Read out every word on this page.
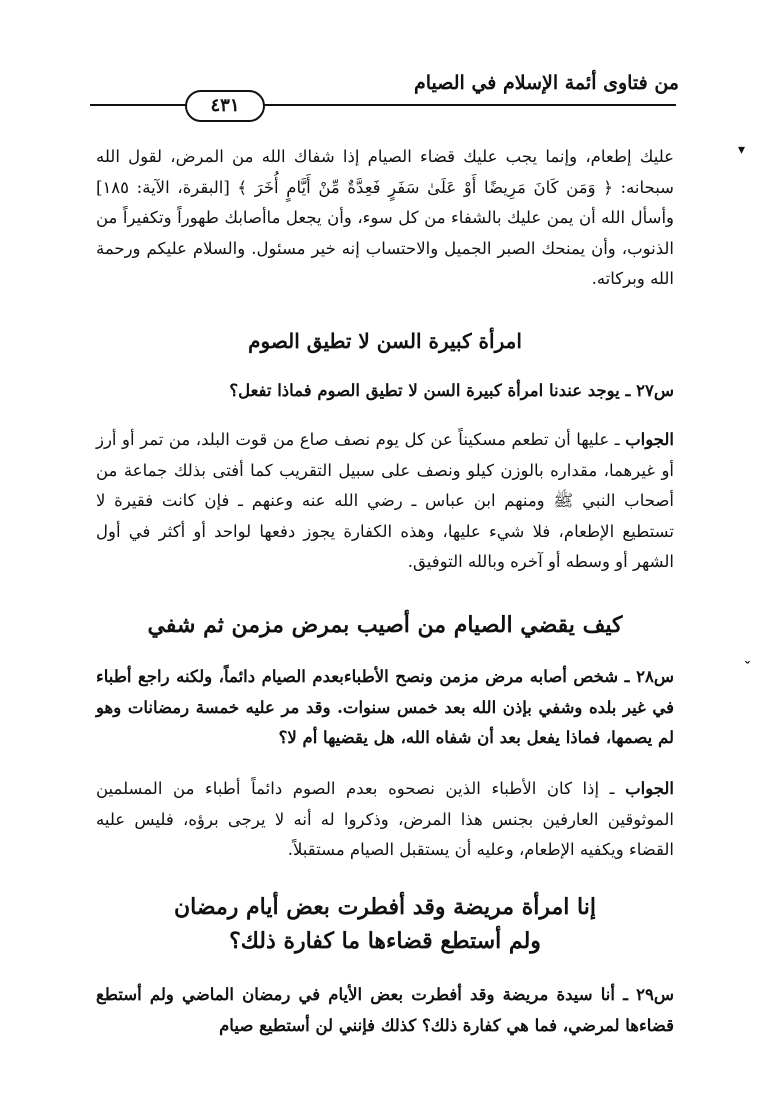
من فتاوى أئمة الإسلام في الصيام
٤٣١
▾
ˇ
عليك إطعام، وإنما يجب عليك قضاء الصيام إذا شفاك الله من المرض، لقول الله سبحانه: ﴿ وَمَن كَانَ مَرِيضًا أَوْ عَلَىٰ سَفَرٍ فَعِدَّةٌ مِّنْ أَيَّامٍ أُخَرَ ﴾ [البقرة، الآية: ١٨٥] وأسأل الله أن يمن عليك بالشفاء من كل سوء، وأن يجعل ماأصابك طهوراً وتكفيراً من الذنوب، وأن يمنحك الصبر الجميل والاحتساب إنه خير مسئول. والسلام عليكم ورحمة الله وبركاته.
امرأة كبيرة السن لا تطيق الصوم
س٢٧ ـ يوجد عندنا امرأة كبيرة السن لا تطيق الصوم فماذا تفعل؟
الجواب ـ عليها أن تطعم مسكيناً عن كل يوم نصف صاع من قوت البلد، من تمر أو أرز أو غيرهما، مقداره بالوزن كيلو ونصف على سبيل التقريب كما أفتى بذلك جماعة من أصحاب النبي ﷺ ومنهم ابن عباس ـ رضي الله عنه وعنهم ـ فإن كانت فقيرة لا تستطيع الإطعام، فلا شيء عليها، وهذه الكفارة يجوز دفعها لواحد أو أكثر في أول الشهر أو وسطه أو آخره وبالله التوفيق.
كيف يقضي الصيام من أصيب بمرض مزمن ثم شفي
س٢٨ ـ شخص أصابه مرض مزمن ونصح الأطباءبعدم الصيام دائماً، ولكنه راجع أطباء في غير بلده وشفي بإذن الله بعد خمس سنوات. وقد مر عليه خمسة رمضانات وهو لم يصمها، فماذا يفعل بعد أن شفاه الله، هل يقضيها أم لا؟
الجواب ـ إذا كان الأطباء الذين نصحوه بعدم الصوم دائماً أطباء من المسلمين الموثوقين العارفين بجنس هذا المرض، وذكروا له أنه لا يرجى برؤه، فليس عليه القضاء ويكفيه الإطعام، وعليه أن يستقبل الصيام مستقبلاً.
إنا امرأة مريضة وقد أفطرت بعض أيام رمضان
ولم أستطع قضاءها ما كفارة ذلك؟
س٢٩ ـ أنا سيدة مريضة وقد أفطرت بعض الأيام في رمضان الماضي ولم أستطع قضاءها لمرضي، فما هي كفارة ذلك؟ كذلك فإنني لن أستطيع صيام
